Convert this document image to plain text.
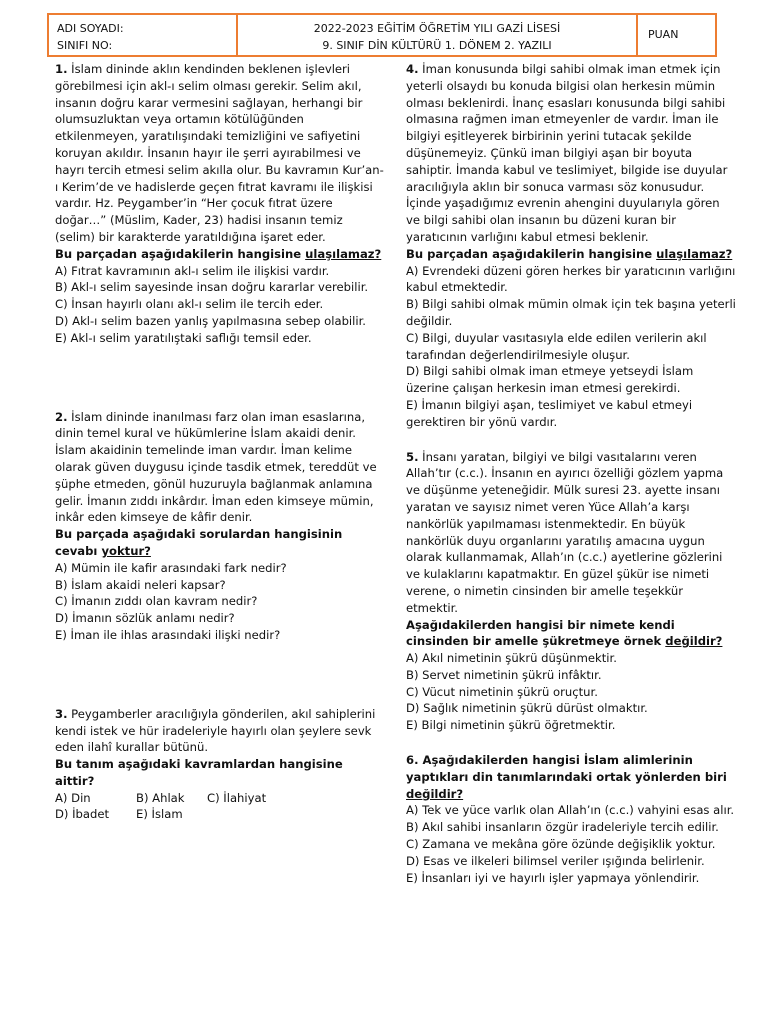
ADI SOYADI:
SINIFI NO:
2022-2023 EĞİTİM ÖĞRETİM YILI GAZİ LİSESİ
9. SINIF DİN KÜLTÜRÜ 1. DÖNEM 2. YAZILI
PUAN

1. İslam dininde aklın kendinden beklenen işlevleri görebilmesi için akl-ı selim olması gerekir. Selim akıl, insanın doğru karar vermesini sağlayan, herhangi bir olumsuzluktan veya ortamın kötülüğünden etkilenmeyen, yaratılışındaki temizliğini ve safiyetini koruyan akıldır. İnsanın hayır ile şerri ayırabilmesi ve hayrı tercih etmesi selim akılla olur. Bu kavramın Kur’an-ı Kerim’de ve hadislerde geçen fıtrat kavramı ile ilişkisi vardır. Hz. Peygamber’in “Her çocuk fıtrat üzere doğar…” (Müslim, Kader, 23) hadisi insanın temiz (selim) bir karakterde yaratıldığına işaret eder.

Bu parçadan aşağıdakilerin hangisine ulaşılamaz?

A) Fıtrat kavramının akl-ı selim ile ilişkisi vardır.

B) Akl-ı selim sayesinde insan doğru kararlar verebilir.

C) İnsan hayırlı olanı akl-ı selim ile tercih eder.

D) Akl-ı selim bazen yanlış yapılmasına sebep olabilir.

E) Akl-ı selim yaratılıştaki saflığı temsil eder.

2. İslam dininde inanılması farz olan iman esaslarına, dinin temel kural ve hükümlerine İslam akaidi denir. İslam akaidinin temelinde iman vardır. İman kelime olarak güven duygusu içinde tasdik etmek, tereddüt ve şüphe etmeden, gönül huzuruyla bağlanmak anlamına gelir. İmanın zıddı inkârdır. İman eden kimseye mümin, inkâr eden kimseye de kâfir denir.

Bu parçada aşağıdaki sorulardan hangisinin cevabı yoktur?

A) Mümin ile kafir arasındaki fark nedir?

B) İslam akaidi neleri kapsar?

C) İmanın zıddı olan kavram nedir?

D) İmanın sözlük anlamı nedir?

E) İman ile ihlas arasındaki ilişki nedir?

3. Peygamberler aracılığıyla gönderilen, akıl sahiplerini kendi istek ve hür iradeleriyle hayırlı olan şeylere sevk eden ilahî kurallar bütünü.

Bu tanım aşağıdaki kavramlardan hangisine aittir?

A) Din	B) Ahlak	C) İlahiyat
D) İbadet	E) İslam

4. İman konusunda bilgi sahibi olmak iman etmek için yeterli olsaydı bu konuda bilgisi olan herkesin mümin olması beklenirdi. İnanç esasları konusunda bilgi sahibi olmasına rağmen iman etmeyenler de vardır. İman ile bilgiyi eşitleyerek birbirinin yerini tutacak şekilde düşünemeyiz. Çünkü iman bilgiyi aşan bir boyuta sahiptir. İmanda kabul ve teslimiyet, bilgide ise duyular aracılığıyla aklın bir sonuca varması söz konusudur. İçinde yaşadığımız evrenin ahengini duyularıyla gören ve bilgi sahibi olan insanın bu düzeni kuran bir yaratıcının varlığını kabul etmesi beklenir.

Bu parçadan aşağıdakilerin hangisine ulaşılamaz?

A) Evrendeki düzeni gören herkes bir yaratıcının varlığını kabul etmektedir.

B) Bilgi sahibi olmak mümin olmak için tek başına yeterli değildir.

C) Bilgi, duyular vasıtasıyla elde edilen verilerin akıl tarafından değerlendirilmesiyle oluşur.

D) Bilgi sahibi olmak iman etmeye yetseydi İslam üzerine çalışan herkesin iman etmesi gerekirdi.

E) İmanın bilgiyi aşan, teslimiyet ve kabul etmeyi gerektiren bir yönü vardır.

5. İnsanı yaratan, bilgiyi ve bilgi vasıtalarını veren Allah’tır (c.c.). İnsanın en ayırıcı özelliği gözlem yapma ve düşünme yeteneğidir. Mülk suresi 23. ayette insanı yaratan ve sayısız nimet veren Yüce Allah’a karşı nankörlük yapılmaması istenmektedir. En büyük nankörlük duyu organlarını yaratılış amacına uygun olarak kullanmamak, Allah’ın (c.c.) ayetlerine gözlerini ve kulaklarını kapatmaktır. En güzel şükür ise nimeti verene, o nimetin cinsinden bir amelle teşekkür etmektir.

Aşağıdakilerden hangisi bir nimete kendi cinsinden bir amelle şükretmeye örnek değildir?

A) Akıl nimetinin şükrü düşünmektir.

B) Servet nimetinin şükrü infâktır.

C) Vücut nimetinin şükrü oruçtur.

D) Sağlık nimetinin şükrü dürüst olmaktır.

E) Bilgi nimetinin şükrü öğretmektir.

6. Aşağıdakilerden hangisi İslam alimlerinin yaptıkları din tanımlarındaki ortak yönlerden biri değildir?

A) Tek ve yüce varlık olan Allah’ın (c.c.) vahyini esas alır.

B) Akıl sahibi insanların özgür iradeleriyle tercih edilir.

C) Zamana ve mekâna göre özünde değişiklik yoktur.

D) Esas ve ilkeleri bilimsel veriler ışığında belirlenir.

E) İnsanları iyi ve hayırlı işler yapmaya yönlendirir.
